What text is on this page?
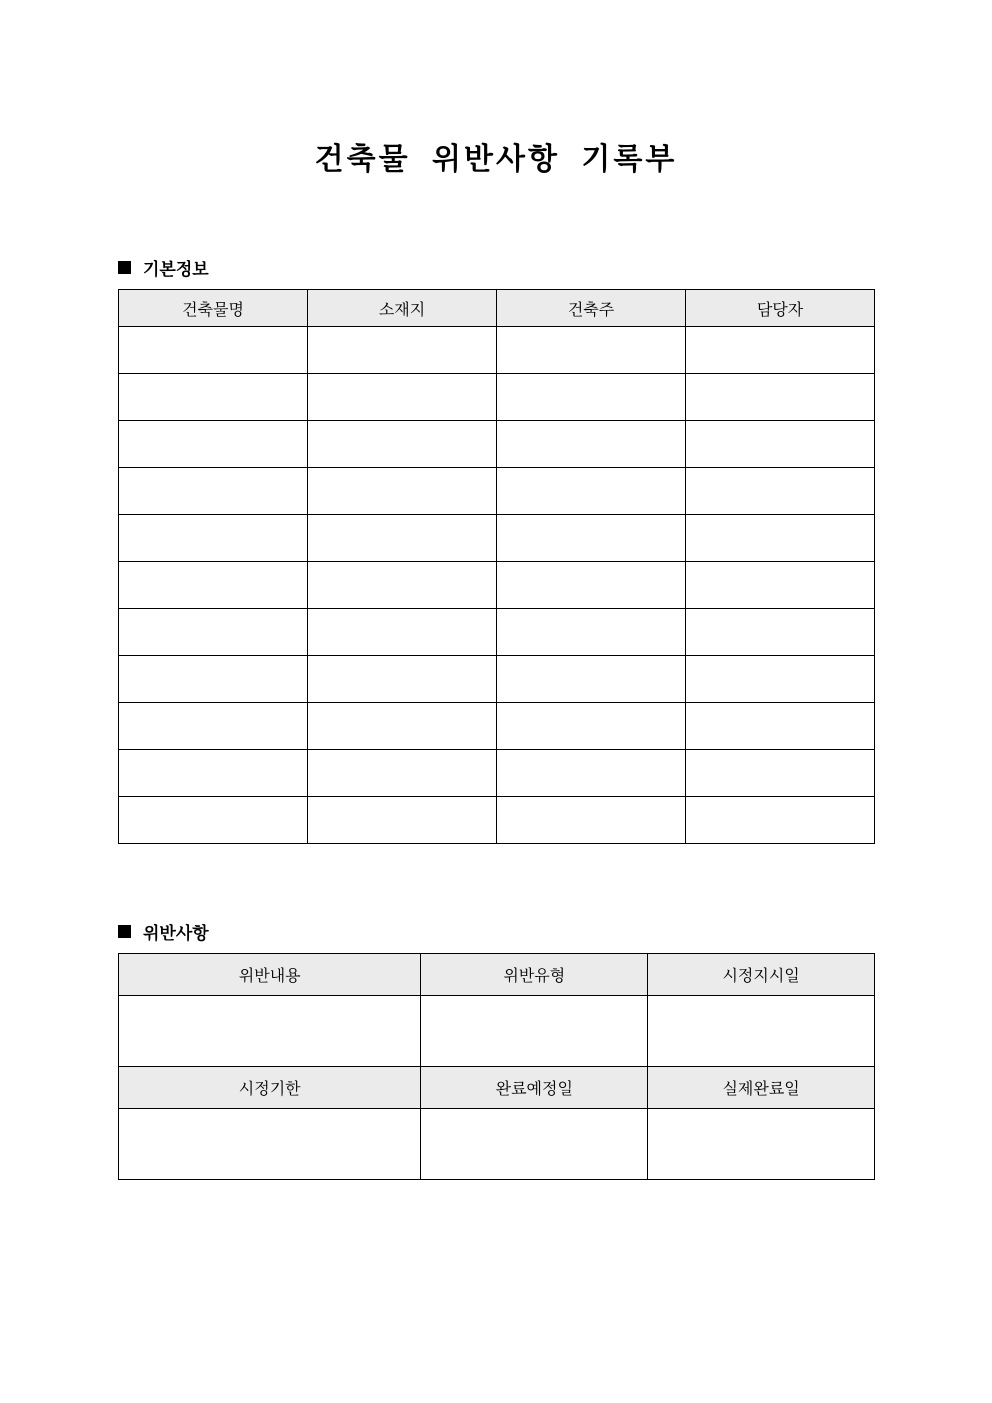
건축물 위반사항 기록부
기본정보
건축물명	소재지	건축주	담당자

위반사항
위반내용	위반유형	시정지시일

시정기한	완료예정일	실제완료일
